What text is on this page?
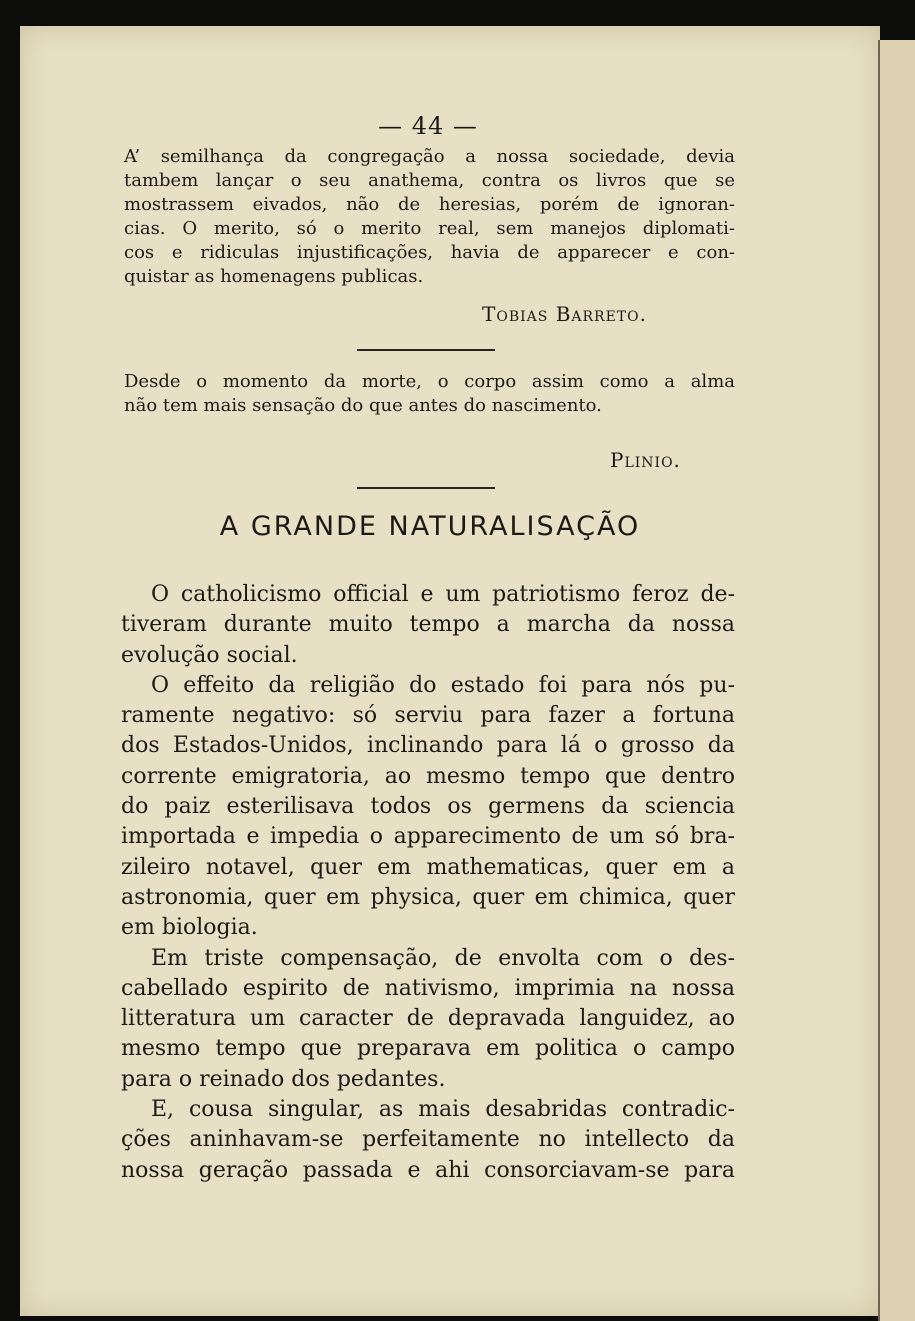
— 44 —
A’ semilhança da congregação a nossa sociedade, devia
tambem lançar o seu anathema, contra os livros que se
mostrassem eivados, não de heresias, porém de ignoran-
cias. O merito, só o merito real, sem manejos diplomati-
cos e ridiculas injustificações, havia de apparecer e con-
quistar as homenagens publicas.
Tobias Barreto.
Desde o momento da morte, o corpo assim como a alma
não tem mais sensação do que antes do nascimento.
Plinio.
A GRANDE NATURALISAÇÃO
O catholicismo official e um patriotismo feroz de-
tiveram durante muito tempo a marcha da nossa
evolução social.
O effeito da religião do estado foi para nós pu-
ramente negativo: só serviu para fazer a fortuna
dos Estados-Unidos, inclinando para lá o grosso da
corrente emigratoria, ao mesmo tempo que dentro
do paiz esterilisava todos os germens da sciencia
importada e impedia o apparecimento de um só bra-
zileiro notavel, quer em mathematicas, quer em a
astronomia, quer em physica, quer em chimica, quer
em biologia.
Em triste compensação, de envolta com o des-
cabellado espirito de nativismo, imprimia na nossa
litteratura um caracter de depravada languidez, ao
mesmo tempo que preparava em politica o campo
para o reinado dos pedantes.
E, cousa singular, as mais desabridas contradic-
ções aninhavam-se perfeitamente no intellecto da
nossa geração passada e ahi consorciavam-se para
